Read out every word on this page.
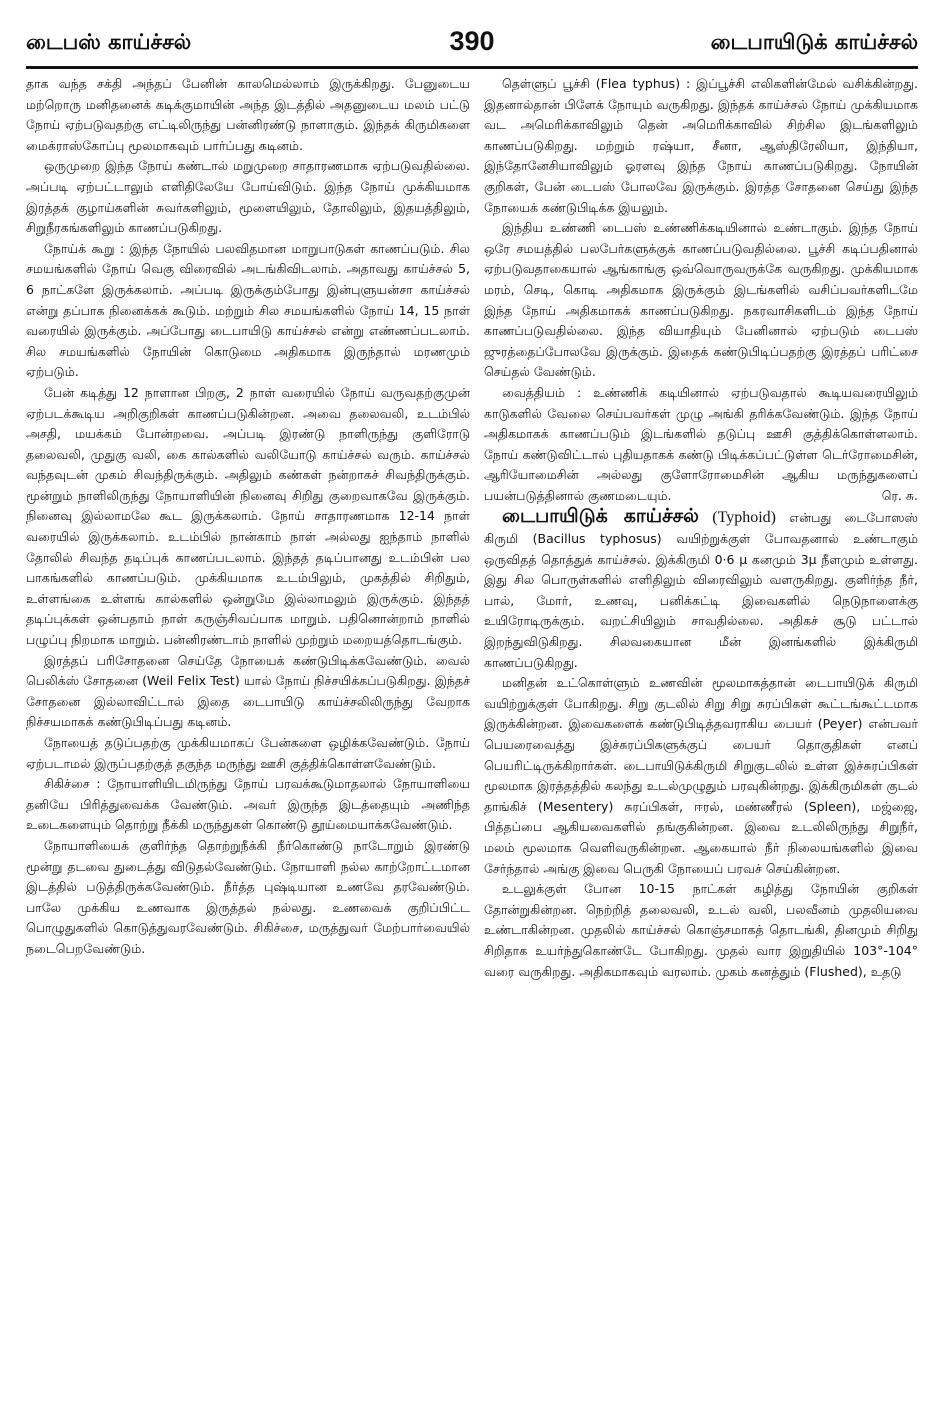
டைபஸ் காய்ச்சல்	390	டைபாயிடுக் காய்ச்சல்

தாக வந்த சக்தி அந்தப் பேனின் காலமெல்லாம் இருக்கிறது. பேனுடைய மற்றொரு மனிதனைக் கடிக்குமாயின் அந்த இடத்தில் அதனுடைய மலம் பட்டு நோய் ஏற்படுவதற்கு எட்டிலிருந்து பன்னிரண்டு நாளாகும். இந்தக் கிருமிகளை மைக்ராஸ்கோப்பு மூலமாகவும் பார்ப்பது கடினம்.

ஒருமுறை இந்த நோய் கண்டால் மறுமுறை சாதாரணமாக ஏற்படுவதில்லை. அப்படி ஏற்பட்டாலும் எளிதிலேயே போய்விடும். இந்த நோய் முக்கியமாக இரத்தக் குழாய்களின் சுவர்களிலும், மூளையிலும், தோலிலும், இதயத்திலும், சிறுநீரகங்களிலும் காணப்படுகிறது.

நோய்க் கூறு : இந்த நோயில் பலவிதமான மாறுபாடுகள் காணப்படும். சில சமயங்களில் நோய் வெகு விரைவில் அடங்கிவிடலாம். அதாவது காய்ச்சல் 5, 6 நாட்களே இருக்கலாம். அப்படி இருக்கும்போது இன்புளுயன்சா காய்ச்சல் என்று தப்பாக நினைக்கக் கூடும். மற்றும் சில சமயங்களில் நோய் 14, 15 நாள் வரையில் இருக்கும். அப்போது டைபாயிடு காய்ச்சல் என்று எண்ணப்படலாம். சில சமயங்களில் நோயின் கொடுமை அதிகமாக இருந்தால் மரணமும் ஏற்படும்.

பேன் கடித்து 12 நாளான பிறகு, 2 நாள் வரையில் நோய் வருவதற்குமுன் ஏற்படக்கூடிய அறிகுறிகள் காணப்படுகின்றன. அவை தலைவலி, உடம்பில் அசதி, மயக்கம் போன்றவை. அப்படி இரண்டு நாளிருந்து குளிரோடு தலைவலி, முதுகு வலி, கை கால்களில் வலியோடு காய்ச்சல் வரும். காய்ச்சல் வந்தவுடன் முகம் சிவந்திருக்கும். அதிலும் கண்கள் நன்றாகச் சிவந்திருக்கும். மூன்றும் நாளிலிருந்து நோயாளியின் நினைவு சிறிது குறைவாகவே இருக்கும். நினைவு இல்லாமலே கூட இருக்கலாம். நோய் சாதாரணமாக 12-14 நாள் வரையில் இருக்கலாம். உடம்பில் நான்காம் நாள் அல்லது ஐந்தாம் நாளில் தோலில் சிவந்த தடிப்புக் காணப்படலாம். இந்தத் தடிப்பானது உடம்பின் பல பாகங்களில் காணப்படும். முக்கியமாக உடம்பிலும், முகத்தில் சிறிதும், உள்ளங்கை உள்ளங் கால்களில் ஒன்றுமே இல்லாமலும் இருக்கும். இந்தத் தடிப்புக்கள் ஒன்பதாம் நாள் கருஞ்சிவப்பாக மாறும். பதினொன்றாம் நாளில் பழுப்பு நிறமாக மாறும். பன்னிரண்டாம் நாளில் முற்றும் மறையத்தொடங்கும்.

இரத்தப் பரிசோதனை செய்தே நோயைக் கண்டுபிடிக்கவேண்டும். வைல் பெலிக்ஸ் சோதனை (Weil Felix Test) யால் நோய் நிச்சயிக்கப்படுகிறது. இந்தச் சோதனை இல்லாவிட்டால் இதை டைபாயிடு காய்ச்சலிலிருந்து வேறாக நிச்சயமாகக் கண்டுபிடிப்பது கடினம்.

நோயைத் தடுப்பதற்கு முக்கியமாகப் பேன்களை ஒழிக்கவேண்டும். நோய் ஏற்படாமல் இருப்பதற்குத் தகுந்த மருந்து ஊசி குத்திக்கொள்ளவேண்டும்.

சிகிச்சை : நோயாளியிடமிருந்து நோய் பரவக்கூடுமாதலால் நோயாளியை தனியே பிரித்துவைக்க வேண்டும். அவர் இருந்த இடத்தையும் அணிந்த உடைகளையும் தொற்று நீக்கி மருந்துகள் கொண்டு தூய்மையாக்கவேண்டும்.

நோயாளியைக் குளிர்ந்த தொற்றுநீக்கி நீர்கொண்டு நாடோறும் இரண்டு மூன்று தடவை துடைத்து விடுதல்வேண்டும். நோயாளி நல்ல காற்றோட்டமான இடத்தில் படுத்திருக்கவேண்டும். நீர்த்த புஷ்டியான உணவே தரவேண்டும். பாலே முக்கிய உணவாக இருத்தல் நல்லது. உணவைக் குறிப்பிட்ட பொழுதுகளில் கொடுத்துவரவேண்டும். சிகிச்சை, மருத்துவர் மேற்பார்வையில் நடைபெறவேண்டும்.

தெள்ளுப் பூச்சி (Flea typhus) : இப்பூச்சி எலிகளின்மேல் வசிக்கின்றது. இதனால்தான் பிளேக் நோயும் வருகிறது. இந்தக் காய்ச்சல் நோய் முக்கியமாக வட அமெரிக்காவிலும் தென் அமெரிக்காவில் சிற்சில இடங்களிலும் காணப்படுகிறது. மற்றும் ரஷ்யா, சீனா, ஆஸ்திரேலியா, இந்தியா, இந்தோனேசியாவிலும் ஓரளவு இந்த நோய் காணப்படுகிறது. நோயின் குறிகள், பேன் டைபஸ் போலவே இருக்கும். இரத்த சோதனை செய்து இந்த நோயைக் கண்டுபிடிக்க இயலும்.

இந்திய உண்ணி டைபஸ் உண்ணிக்கடியினால் உண்டாகும். இந்த நோய் ஒரே சமயத்தில் பலபேர்களுக்குக் காணப்படுவதில்லை. பூச்சி கடிப்பதினால் ஏற்படுவதாகையால் ஆங்காங்கு ஒவ்வொருவருக்கே வருகிறது. முக்கியமாக மரம், செடி, கொடி அதிகமாக இருக்கும் இடங்களில் வசிப்பவர்களிடமே இந்த நோய் அதிகமாகக் காணப்படுகிறது. நகரவாசிகளிடம் இந்த நோய் காணப்படுவதில்லை. இந்த வியாதியும் பேனினால் ஏற்படும் டைபஸ் ஜுரத்தைப்போலவே இருக்கும். இதைக் கண்டுபிடிப்பதற்கு இரத்தப் பரிட்சை செய்தல் வேண்டும்.

வைத்தியம் : உண்ணிக் கடியினால் ஏற்படுவதால் கூடியவரையிலும் காடுகளில் வேலை செய்பவர்கள் முழு அங்கி தரிக்கவேண்டும். இந்த நோய் அதிகமாகக் காணப்படும் இடங்களில் தடுப்பு ஊசி குத்திக்கொள்ளலாம். நோய் கண்டுவிட்டால் புதியதாகக் கண்டு பிடிக்கப்பட்டுள்ள டெர்ரோமைசின், ஆரியோமைசின் அல்லது குளோரோமைசின் ஆகிய மருந்துகளைப் பயன்படுத்தினால் குணமடையும்.	ரெ. சு.

டைபாயிடுக் காய்ச்சல் (Typhoid) என்பது டைபோஸஸ் கிருமி (Bacillus typhosus) வயிற்றுக்குள் போவதனால் உண்டாகும் ஒருவிதத் தொத்துக் காய்ச்சல். இக்கிருமி 0·6 μ கனமும் 3μ நீளமும் உள்ளது. இது சில பொருள்களில் எளிதிலும் விரைவிலும் வளருகிறது. குளிர்ந்த நீர், பால், மோர், உணவு, பனிக்கட்டி இவைகளில் நெடுநாளைக்கு உயிரோடிருக்கும். வறட்சியிலும் சாவதில்லை. அதிகச் சூடு பட்டால் இறந்துவிடுகிறது. சிலவகையான மீன் இனங்களில் இக்கிருமி காணப்படுகிறது.

மனிதன் உட்கொள்ளும் உணவின் மூலமாகத்தான் டைபாயிடுக் கிருமி வயிற்றுக்குள் போகிறது. சிறு குடலில் சிறு சிறு சுரப்பிகள் கூட்டங்கூட்டமாக இருக்கின்றன. இவைகளைக் கண்டுபிடித்தவராகிய பையர் (Peyer) என்பவர் பெயரைவைத்து இச்சுரப்பிகளுக்குப் பையர் தொகுதிகள் எனப் பெயரிட்டிருக்கிறார்கள். டைபாயிடுக்கிருமி சிறுகுடலில் உள்ள இச்சுரப்பிகள் மூலமாக இரத்தத்தில் கலந்து உடல்முழுதும் பரவுகின்றது. இக்கிருமிகள் குடல் தாங்கிச் (Mesentery) சுரப்பிகள், ஈரல், மண்ணீரல் (Spleen), மஜ்ஜை, பித்தப்பை ஆகியவைகளில் தங்குகின்றன. இவை உடலிலிருந்து சிறுநீர், மலம் மூலமாக வெளிவருகின்றன. ஆகையால் நீர் நிலையங்களில் இவை சேர்ந்தால் அங்கு இவை பெருகி நோயைப் பரவச் செய்கின்றன.

உடலுக்குள் போன 10-15 நாட்கள் கழித்து நோயின் குறிகள் தோன்றுகின்றன. நெற்றித் தலைவலி, உடல் வலி, பலவீனம் முதலியவை உண்டாகின்றன. முதலில் காய்ச்சல் கொஞ்சமாகத் தொடங்கி, தினமும் சிறிது சிறிதாக உயர்ந்துகொண்டே போகிறது. முதல் வார இறுதியில் 103°-104° வரை வருகிறது. அதிகமாகவும் வரலாம். முகம் கனத்தும் (Flushed), உதடு
